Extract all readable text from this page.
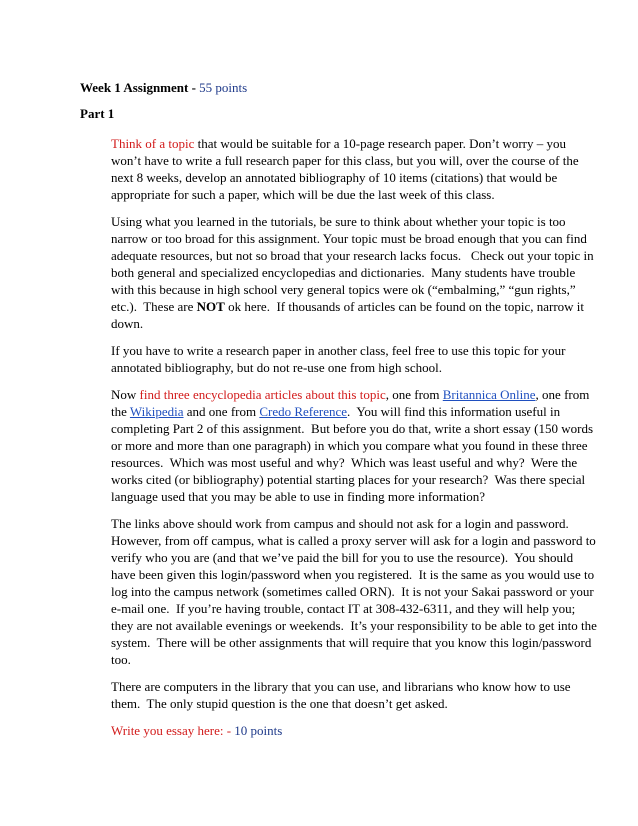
Week 1 Assignment - 55 points
Part 1
Think of a topic that would be suitable for a 10-page research paper. Don’t worry – you
won’t have to write a full research paper for this class, but you will, over the course of the
next 8 weeks, develop an annotated bibliography of 10 items (citations) that would be
appropriate for such a paper, which will be due the last week of this class.
Using what you learned in the tutorials, be sure to think about whether your topic is too
narrow or too broad for this assignment. Your topic must be broad enough that you can find
adequate resources, but not so broad that your research lacks focus.   Check out your topic in
both general and specialized encyclopedias and dictionaries.  Many students have trouble
with this because in high school very general topics were ok (“embalming,” “gun rights,”
etc.).  These are NOT ok here.  If thousands of articles can be found on the topic, narrow it
down.
If you have to write a research paper in another class, feel free to use this topic for your
annotated bibliography, but do not re-use one from high school.
Now find three encyclopedia articles about this topic, one from Britannica Online, one from
the Wikipedia and one from Credo Reference.  You will find this information useful in
completing Part 2 of this assignment.  But before you do that, write a short essay (150 words
or more and more than one paragraph) in which you compare what you found in these three
resources.  Which was most useful and why?  Which was least useful and why?  Were the
works cited (or bibliography) potential starting places for your research?  Was there special
language used that you may be able to use in finding more information?
The links above should work from campus and should not ask for a login and password.
However, from off campus, what is called a proxy server will ask for a login and password to
verify who you are (and that we’ve paid the bill for you to use the resource).  You should
have been given this login/password when you registered.  It is the same as you would use to
log into the campus network (sometimes called ORN).  It is not your Sakai password or your
e-mail one.  If you’re having trouble, contact IT at 308-432-6311, and they will help you;
they are not available evenings or weekends.  It’s your responsibility to be able to get into the
system.  There will be other assignments that will require that you know this login/password
too.
There are computers in the library that you can use, and librarians who know how to use
them.  The only stupid question is the one that doesn’t get asked.
Write you essay here: - 10 points
